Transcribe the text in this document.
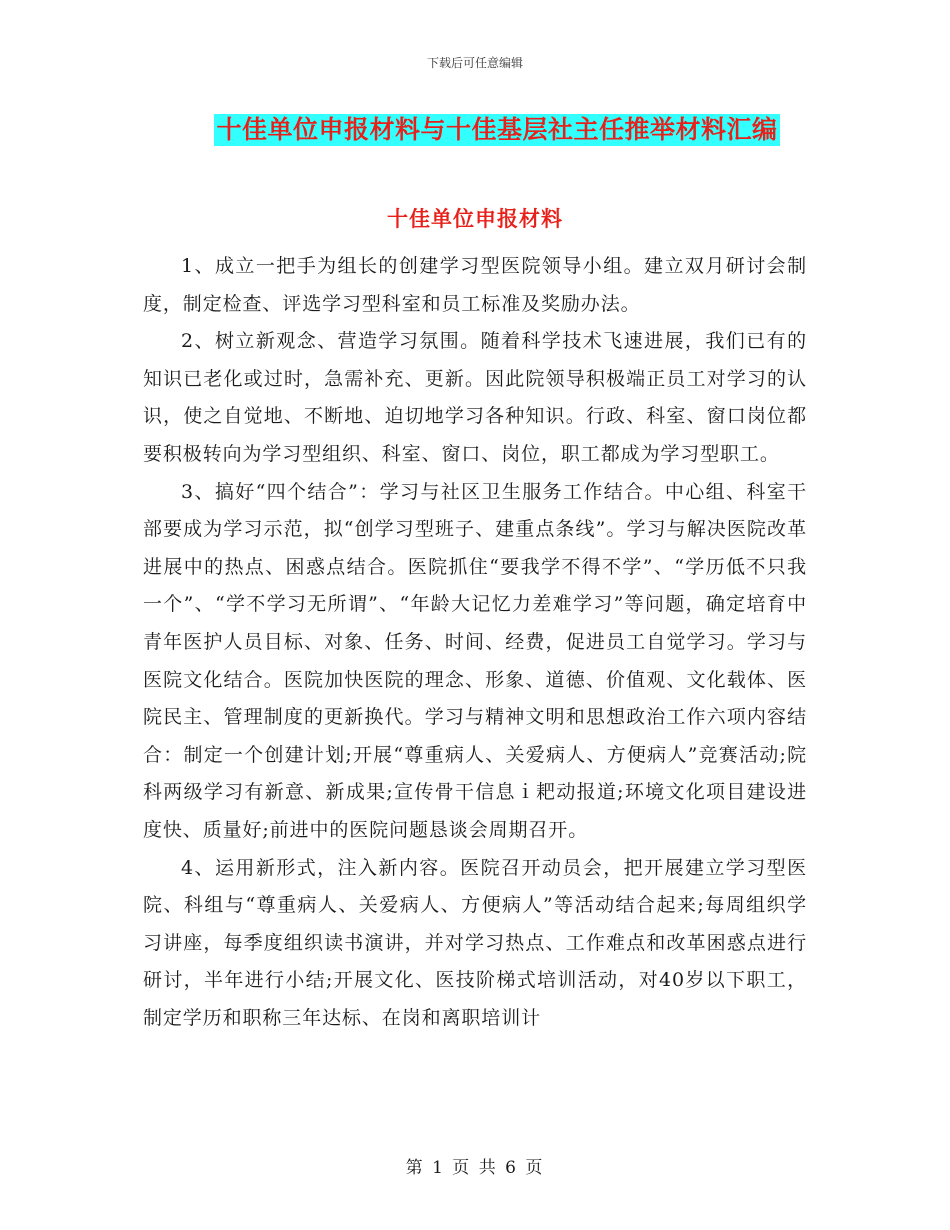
下载后可任意编辑
十佳单位申报材料与十佳基层社主任推举材料汇编
十佳单位申报材料

1、成立一把手为组长的创建学习型医院领导小组。建立双月研讨会制度，制定检查、评选学习型科室和员工标准及奖励办法。

2、树立新观念、营造学习氛围。随着科学技术飞速进展，我们已有的知识已老化或过时，急需补充、更新。因此院领导积极端正员工对学习的认识，使之自觉地、不断地、迫切地学习各种知识。行政、科室、窗口岗位都要积极转向为学习型组织、科室、窗口、岗位，职工都成为学习型职工。

3、搞好“四个结合”：学习与社区卫生服务工作结合。中心组、科室干部要成为学习示范，拟“创学习型班子、建重点条线”。学习与解决医院改革进展中的热点、困惑点结合。医院抓住“要我学不得不学”、“学历低不只我一个”、“学不学习无所谓”、“年龄大记忆力差难学习”等问题，确定培育中青年医护人员目标、对象、任务、时间、经费，促进员工自觉学习。学习与医院文化结合。医院加快医院的理念、形象、道德、价值观、文化载体、医院民主、管理制度的更新换代。学习与精神文明和思想政治工作六项内容结合：制定一个创建计划;开展“尊重病人、关爱病人、方便病人”竞赛活动;院科两级学习有新意、新成果;宣传骨干信息ｉ耙动报道;环境文化项目建设进度快、质量好;前进中的医院问题恳谈会周期召开。

4、运用新形式，注入新内容。医院召开动员会，把开展建立学习型医院、科组与“尊重病人、关爱病人、方便病人”等活动结合起来;每周组织学习讲座，每季度组织读书演讲，并对学习热点、工作难点和改革困惑点进行研讨，半年进行小结;开展文化、医技阶梯式培训活动，对40岁以下职工，制定学历和职称三年达标、在岗和离职培训计

第 1 页 共 6 页
